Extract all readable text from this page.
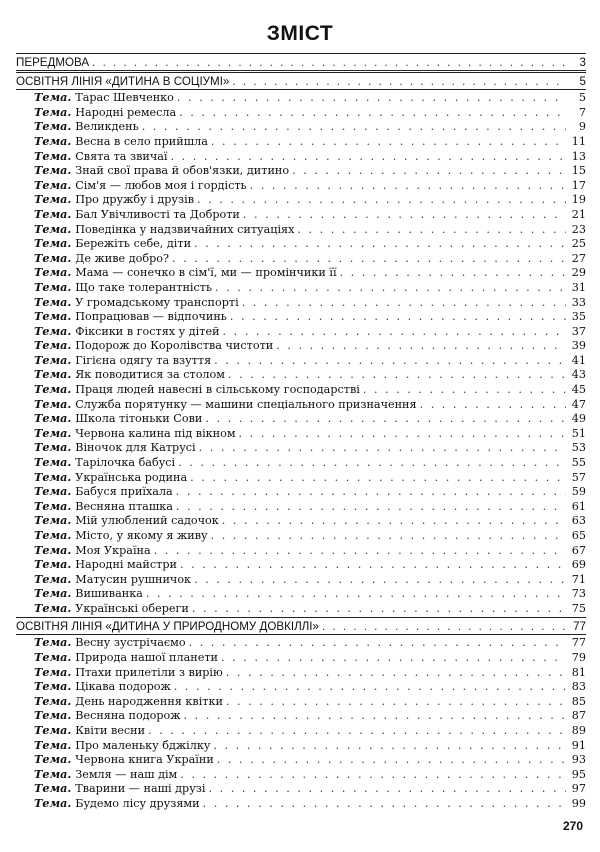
ЗМІСТ
ПЕРЕДМОВА . . .	3
ОСВІТНЯ ЛІНІЯ «ДИТИНА В СОЦІУМІ» . . .	5
Тема. Тарас Шевченко . . .	5
Тема. Народні ремесла . . .	7
Тема. Великдень . . .	9
Тема. Весна в село прийшла . . .	11
Тема. Свята та звичаї . . .	13
Тема. Знай свої права й обов'язки, дитино . . .	15
Тема. Сім'я — любов моя і гордість . . .	17
Тема. Про дружбу і друзів . . .	19
Тема. Бал Увічливості та Доброти . . .	21
Тема. Поведінка у надзвичайних ситуаціях . . .	23
Тема. Бережіть себе, діти . . .	25
Тема. Де живе добро? . . .	27
Тема. Мама — сонечко в сім'ї, ми — промінчики її . . .	29
Тема. Що таке толерантність . . .	31
Тема. У громадському транспорті . . .	33
Тема. Попрацював — відпочинь . . .	35
Тема. Фіксики в гостях у дітей . . .	37
Тема. Подорож до Королівства чистоти . . .	39
Тема. Гігієна одягу та взуття . . .	41
Тема. Як поводитися за столом . . .	43
Тема. Праця людей навесні в сільському господарстві . . .	45
Тема. Служба порятунку — машини спеціального призначення . . .	47
Тема. Школа тітоньки Сови . . .	49
Тема. Червона калина під вікном . . .	51
Тема. Віночок для Катрусі . . .	53
Тема. Тарілочка бабусі . . .	55
Тема. Українська родина . . .	57
Тема. Бабуся приїхала . . .	59
Тема. Весняна пташка . . .	61
Тема. Мій улюблений садочок . . .	63
Тема. Місто, у якому я живу . . .	65
Тема. Моя Україна . . .	67
Тема. Народні майстри . . .	69
Тема. Матусин рушничок . . .	71
Тема. Вишиванка . . .	73
Тема. Українські обереги . . .	75
ОСВІТНЯ ЛІНІЯ «ДИТИНА У ПРИРОДНОМУ ДОВКІЛЛІ» . . .	77
Тема. Весну зустрічаємо . . .	77
Тема. Природа нашої планети . . .	79
Тема. Птахи прилетіли з вирію . . .	81
Тема. Цікава подорож . . .	83
Тема. День народження квітки . . .	85
Тема. Весняна подорож . . .	87
Тема. Квіти весни . . .	89
Тема. Про маленьку бджілку . . .	91
Тема. Червона книга України . . .	93
Тема. Земля — наш дім . . .	95
Тема. Тварини — наші друзі . . .	97
Тема. Будемо лісу друзями . . .	99
270
